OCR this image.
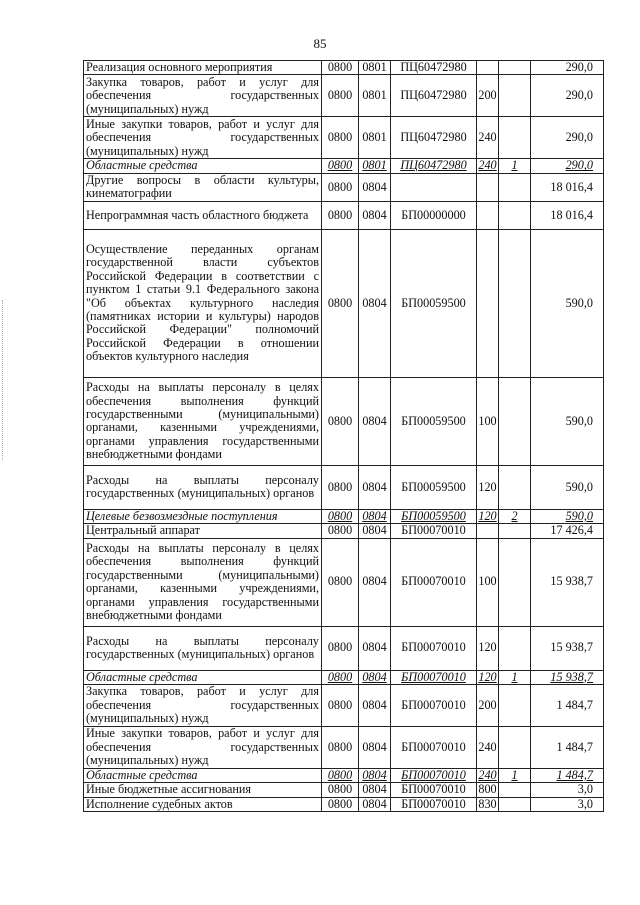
85
Реализация основного мероприятия	0800	0801	ПЦ60472980			290,0
Закупка товаров, работ и услуг для обеспечения государственных (муниципальных) нужд	0800	0801	ПЦ60472980	200		290,0
Иные закупки товаров, работ и услуг для обеспечения государственных (муниципальных) нужд	0800	0801	ПЦ60472980	240		290,0
Областные средства	0800	0801	ПЦ60472980	240	1	290,0
Другие вопросы в области культуры, кинематографии	0800	0804				18 016,4
Непрограммная часть областного бюджета	0800	0804	БП00000000			18 016,4
Осуществление переданных органам государственной власти субъектов Российской Федерации в соответствии с пунктом 1 статьи 9.1 Федерального закона "Об объектах культурного наследия (памятниках истории и культуры) народов Российской Федерации" полномочий Российской Федерации в отношении объектов культурного наследия	0800	0804	БП00059500			590,0
Расходы на выплаты персоналу в целях обеспечения выполнения функций государственными (муниципальными) органами, казенными учреждениями, органами управления государственными внебюджетными фондами	0800	0804	БП00059500	100		590,0
Расходы на выплаты персоналу государственных (муниципальных) органов	0800	0804	БП00059500	120		590,0
Целевые безвозмездные поступления	0800	0804	БП00059500	120	2	590,0
Центральный аппарат	0800	0804	БП00070010			17 426,4
Расходы на выплаты персоналу в целях обеспечения выполнения функций государственными (муниципальными) органами, казенными учреждениями, органами управления государственными внебюджетными фондами	0800	0804	БП00070010	100		15 938,7
Расходы на выплаты персоналу государственных (муниципальных) органов	0800	0804	БП00070010	120		15 938,7
Областные средства	0800	0804	БП00070010	120	1	15 938,7
Закупка товаров, работ и услуг для обеспечения государственных (муниципальных) нужд	0800	0804	БП00070010	200		1 484,7
Иные закупки товаров, работ и услуг для обеспечения государственных (муниципальных) нужд	0800	0804	БП00070010	240		1 484,7
Областные средства	0800	0804	БП00070010	240	1	1 484,7
Иные бюджетные ассигнования	0800	0804	БП00070010	800		3,0
Исполнение судебных актов	0800	0804	БП00070010	830		3,0
